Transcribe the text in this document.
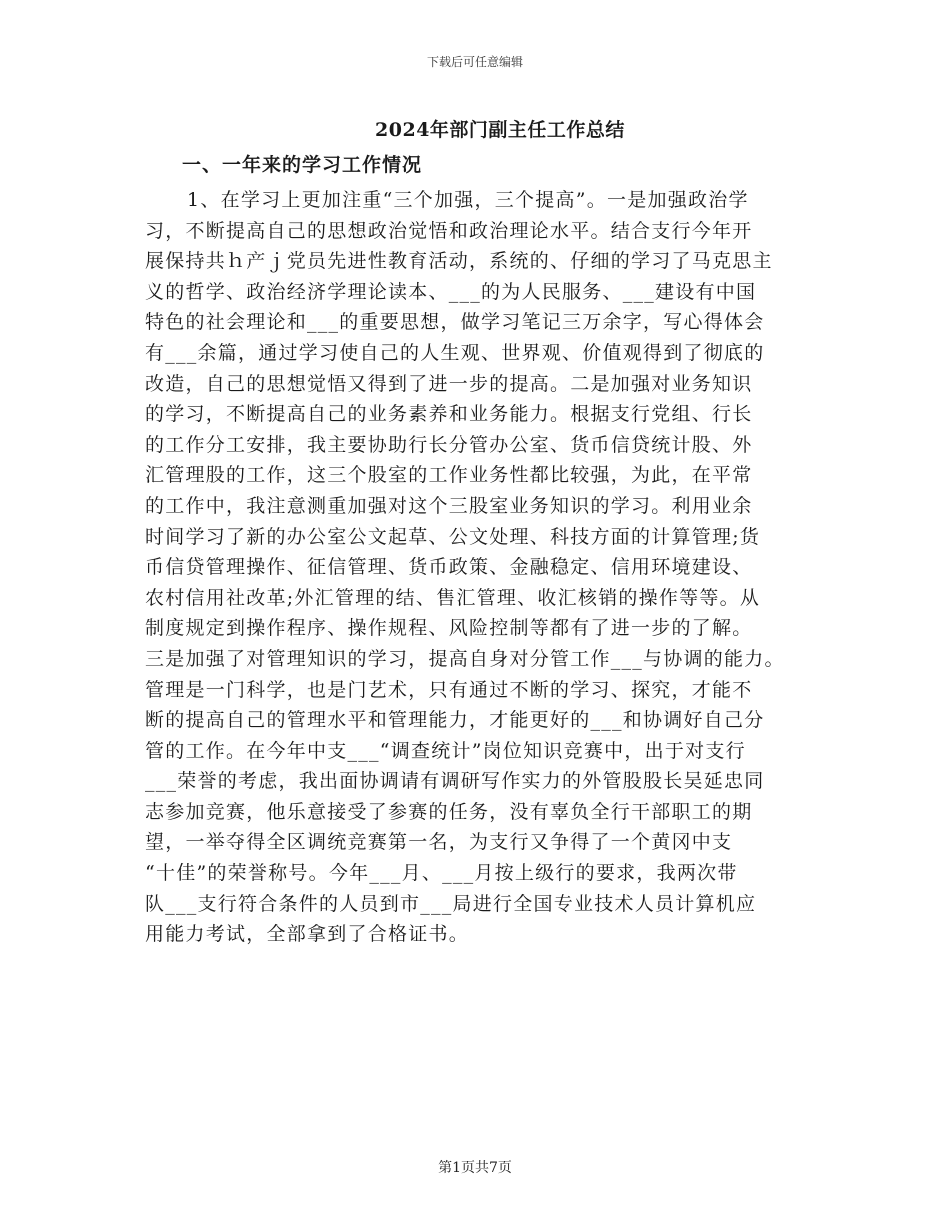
下载后可任意编辑
2024年部门副主任工作总结
一、一年来的学习工作情况
1、在学习上更加注重“三个加强，三个提高”。一是加强政治学
习，不断提高自己的思想政治觉悟和政治理论水平。结合支行今年开
展保持共ｈ产ｊ党员先进性教育活动，系统的、仔细的学习了马克思主
义的哲学、政治经济学理论读本、___的为人民服务、___建设有中国
特色的社会理论和___的重要思想，做学习笔记三万余字，写心得体会
有___余篇，通过学习使自己的人生观、世界观、价值观得到了彻底的
改造，自己的思想觉悟又得到了进一步的提高。二是加强对业务知识
的学习，不断提高自己的业务素养和业务能力。根据支行党组、行长
的工作分工安排，我主要协助行长分管办公室、货币信贷统计股、外
汇管理股的工作，这三个股室的工作业务性都比较强，为此，在平常
的工作中，我注意测重加强对这个三股室业务知识的学习。利用业余
时间学习了新的办公室公文起草、公文处理、科技方面的计算管理;货
币信贷管理操作、征信管理、货币政策、金融稳定、信用环境建设、
农村信用社改革;外汇管理的结、售汇管理、收汇核销的操作等等。从
制度规定到操作程序、操作规程、风险控制等都有了进一步的了解。
三是加强了对管理知识的学习，提高自身对分管工作___与协调的能力。
管理是一门科学，也是门艺术，只有通过不断的学习、探究，才能不
断的提高自己的管理水平和管理能力，才能更好的___和协调好自己分
管的工作。在今年中支___“调查统计”岗位知识竞赛中，出于对支行
___荣誉的考虑，我出面协调请有调研写作实力的外管股股长吴延忠同
志参加竞赛，他乐意接受了参赛的任务，没有辜负全行干部职工的期
望，一举夺得全区调统竞赛第一名，为支行又争得了一个黄冈中支
“十佳”的荣誉称号。今年___月、___月按上级行的要求，我两次带
队___支行符合条件的人员到市___局进行全国专业技术人员计算机应
用能力考试，全部拿到了合格证书。
第1页共7页
